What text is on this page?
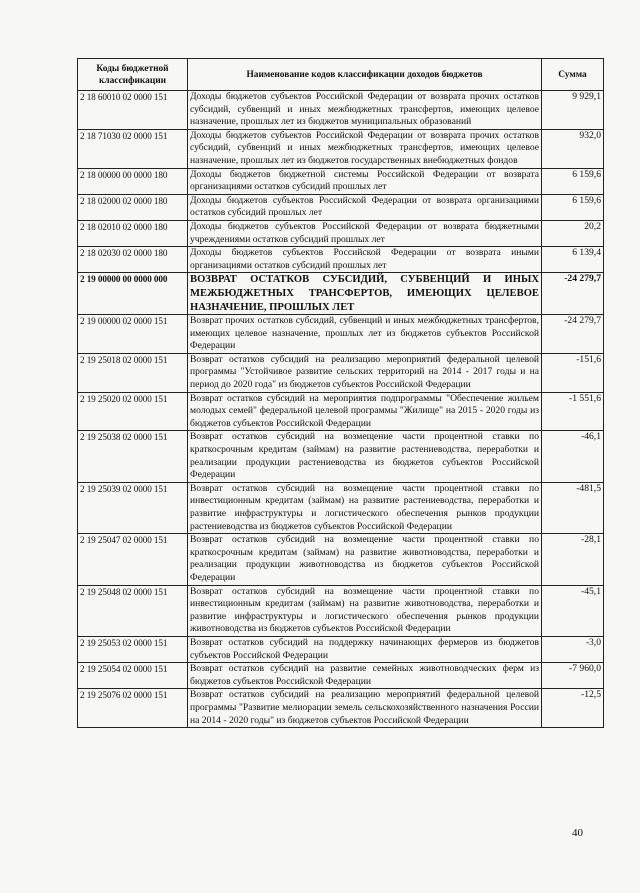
Коды бюджетной классификации	Наименование кодов классификации доходов бюджетов	Сумма
2 18 60010 02 0000 151	Доходы бюджетов субъектов Российской Федерации от возврата прочих остатков субсидий, субвенций и иных межбюджетных трансфертов, имеющих целевое назначение, прошлых лет из бюджетов муниципальных образований	9 929,1
2 18 71030 02 0000 151	Доходы бюджетов субъектов Российской Федерации от возврата прочих остатков субсидий, субвенций и иных межбюджетных трансфертов, имеющих целевое назначение, прошлых лет из бюджетов государственных внебюджетных фондов	932,0
2 18 00000 00 0000 180	Доходы бюджетов бюджетной системы Российской Федерации от возврата организациями остатков субсидий прошлых лет	6 159,6
2 18 02000 02 0000 180	Доходы бюджетов субъектов Российской Федерации от возврата организациями остатков субсидий прошлых лет	6 159,6
2 18 02010 02 0000 180	Доходы бюджетов субъектов Российской Федерации от возврата бюджетными учреждениями остатков субсидий прошлых лет	20,2
2 18 02030 02 0000 180	Доходы бюджетов субъектов Российской Федерации от возврата иными организациями остатков субсидий прошлых лет	6 139,4
2 19 00000 00 0000 000	ВОЗВРАТ ОСТАТКОВ СУБСИДИЙ, СУБВЕНЦИЙ И ИНЫХ МЕЖБЮДЖЕТНЫХ ТРАНСФЕРТОВ, ИМЕЮЩИХ ЦЕЛЕВОЕ НАЗНАЧЕНИЕ, ПРОШЛЫХ ЛЕТ	-24 279,7
2 19 00000 02 0000 151	Возврат прочих остатков субсидий, субвенций и иных межбюджетных трансфертов, имеющих целевое назначение, прошлых лет из бюджетов субъектов Российской Федерации	-24 279,7
2 19 25018 02 0000 151	Возврат остатков субсидий на реализацию мероприятий федеральной целевой программы "Устойчивое развитие сельских территорий на 2014 - 2017 годы и на период до 2020 года" из бюджетов субъектов Российской Федерации	-151,6
2 19 25020 02 0000 151	Возврат остатков субсидий на мероприятия подпрограммы "Обеспечение жильем молодых семей" федеральной целевой программы "Жилище" на 2015 - 2020 годы из бюджетов субъектов Российской Федерации	-1 551,6
2 19 25038 02 0000 151	Возврат остатков субсидий на возмещение части процентной ставки по краткосрочным кредитам (займам) на развитие растениеводства, переработки и реализации продукции растениеводства из бюджетов субъектов Российской Федерации	-46,1
2 19 25039 02 0000 151	Возврат остатков субсидий на возмещение части процентной ставки по инвестиционным кредитам (займам) на развитие растениеводства, переработки и развитие инфраструктуры и логистического обеспечения рынков продукции растениеводства из бюджетов субъектов Российской Федерации	-481,5
2 19 25047 02 0000 151	Возврат остатков субсидий на возмещение части процентной ставки по краткосрочным кредитам (займам) на развитие животноводства, переработки и реализации продукции животноводства из бюджетов субъектов Российской Федерации	-28,1
2 19 25048 02 0000 151	Возврат остатков субсидий на возмещение части процентной ставки по инвестиционным кредитам (займам) на развитие животноводства, переработки и развитие инфраструктуры и логистического обеспечения рынков продукции животноводства из бюджетов субъектов Российской Федерации	-45,1
2 19 25053 02 0000 151	Возврат остатков субсидий на поддержку начинающих фермеров из бюджетов субъектов Российской Федерации	-3,0
2 19 25054 02 0000 151	Возврат остатков субсидий на развитие семейных животноводческих ферм из бюджетов субъектов Российской Федерации	-7 960,0
2 19 25076 02 0000 151	Возврат остатков субсидий на реализацию мероприятий федеральной целевой программы "Развитие мелиорации земель сельскохозяйственного назначения России на 2014 - 2020 годы" из бюджетов субъектов Российской Федерации	-12,5
40
